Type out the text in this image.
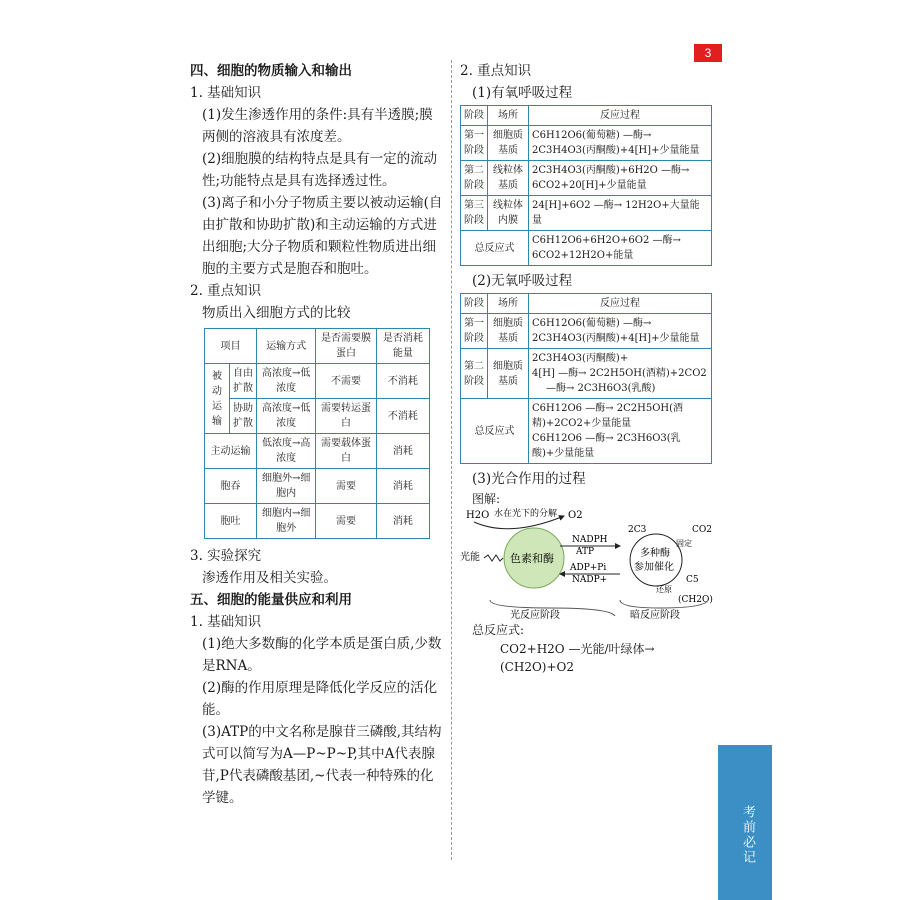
3
四、细胞的物质输入和输出
1. 基础知识
(1)发生渗透作用的条件:具有半透膜;膜两侧的溶液具有浓度差。
(2)细胞膜的结构特点是具有一定的流动性;功能特点是具有选择透过性。
(3)离子和小分子物质主要以被动运输(自由扩散和协助扩散)和主动运输的方式进出细胞;大分子物质和颗粒性物质进出细胞的主要方式是胞吞和胞吐。
2. 重点知识
物质出入细胞方式的比较
项目		运输方式	是否需要膜蛋白	是否消耗能量
被动运输	自由扩散	高浓度→低浓度	不需要	不消耗
	协助扩散	高浓度→低浓度	需要转运蛋白	不消耗
主动运输		低浓度→高浓度	需要载体蛋白	消耗
胞吞		细胞外→细胞内	需要	消耗
胞吐		细胞内→细胞外	需要	消耗
3. 实验探究
渗透作用及相关实验。
五、细胞的能量供应和利用
1. 基础知识
(1)绝大多数酶的化学本质是蛋白质,少数是RNA。
(2)酶的作用原理是降低化学反应的活化能。
(3)ATP的中文名称是腺苷三磷酸,其结构式可以简写为A—P~P~P,其中A代表腺苷,P代表磷酸基团,~代表一种特殊的化学键。
2. 重点知识
(1)有氧呼吸过程
阶段	场所	反应过程
第一阶段	细胞质基质	C6H12O6(葡萄糖) —酶→ 2C3H4O3(丙酮酸)+4[H]+少量能量
第二阶段	线粒体基质	2C3H4O3(丙酮酸)+6H2O —酶→ 6CO2+20[H]+少量能量
第三阶段	线粒体内膜	24[H]+6O2 —酶→ 12H2O+大量能量
总反应式		C6H12O6+6H2O+6O2 —酶→ 6CO2+12H2O+能量
(2)无氧呼吸过程
阶段	场所	反应过程
第一阶段	细胞质基质	C6H12O6(葡萄糖) —酶→ 2C3H4O3(丙酮酸)+4[H]+少量能量
第二阶段	细胞质基质	2C3H4O3(丙酮酸)+
4[H] —酶→ 2C2H5OH(酒精)+2CO2
—酶→ 2C3H6O3(乳酸)

总反应式		C6H12O6 —酶→ 2C2H5OH(酒精)+2CO2+少量能量
C6H12O6 —酶→ 2C3H6O3(乳酸)+少量能量
(3)光合作用的过程
图解:
色素和酶
H2O 水在光下的分解 O2
光能
NADPH
ATP
ADP+Pi
NADP+
2C3
多种酶
参加催化
C5
CO2
固定
还原
(CH2O)
光反应阶段	暗反应阶段
总反应式:
CO2+H2O —光能/叶绿体→ (CH2O)+O2
考前必记
